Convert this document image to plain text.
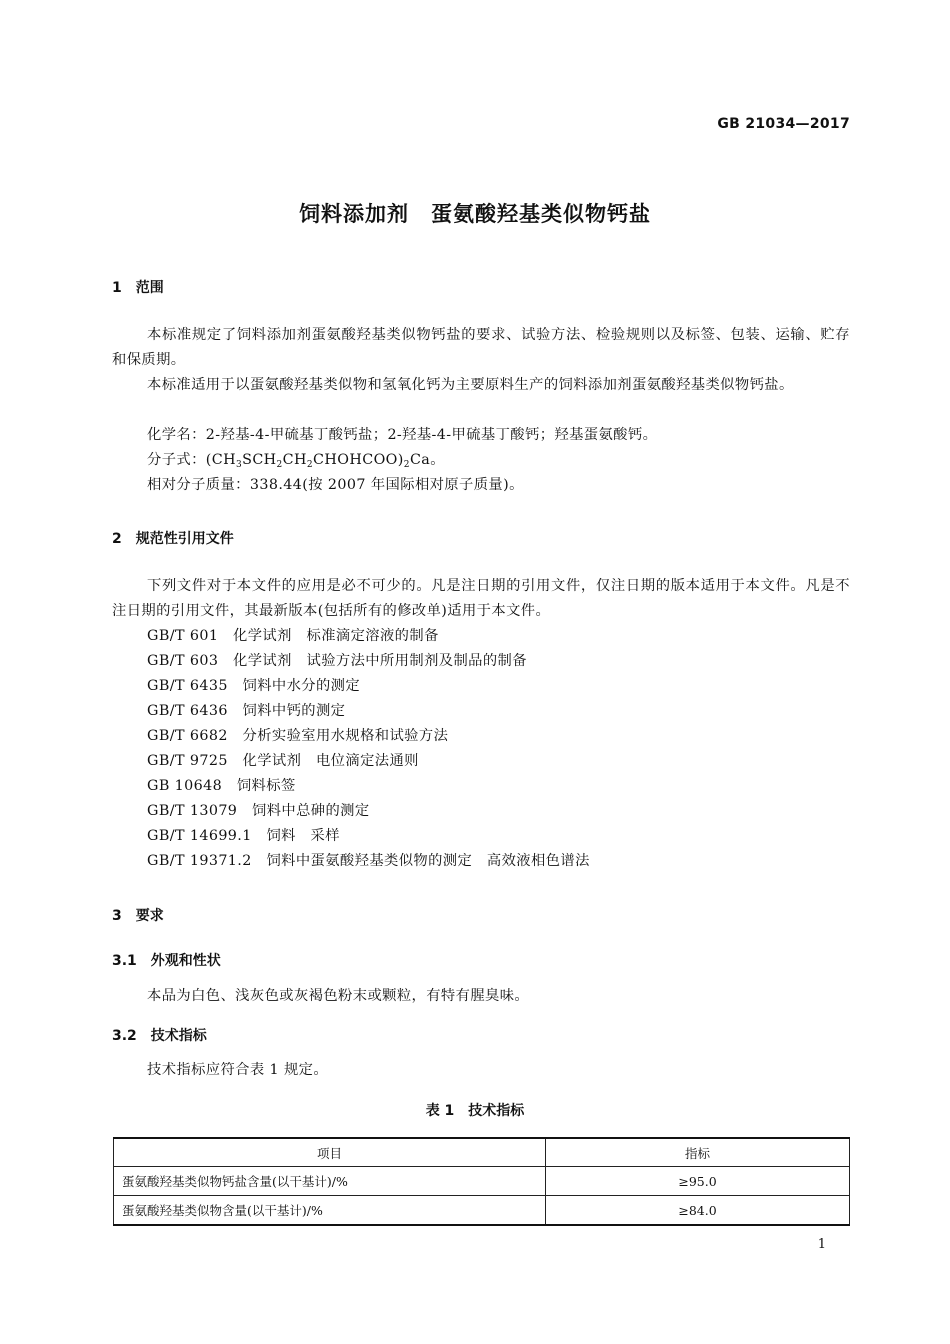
GB 21034—2017
饲料添加剂　蛋氨酸羟基类似物钙盐
1　范围
本标准规定了饲料添加剂蛋氨酸羟基类似物钙盐的要求、试验方法、检验规则以及标签、包装、运输、贮存和保质期。
本标准适用于以蛋氨酸羟基类似物和氢氧化钙为主要原料生产的饲料添加剂蛋氨酸羟基类似物钙盐。
化学名：2-羟基-4-甲硫基丁酸钙盐；2-羟基-4-甲硫基丁酸钙；羟基蛋氨酸钙。
分子式：$(CH_3SCH_2CH_2CHOHCOO)_2Ca$。
相对分子质量：338.44(按 2007 年国际相对原子质量)。
2　规范性引用文件
下列文件对于本文件的应用是必不可少的。凡是注日期的引用文件，仅注日期的版本适用于本文件。凡是不注日期的引用文件，其最新版本(包括所有的修改单)适用于本文件。
GB/T 601　化学试剂　标准滴定溶液的制备
GB/T 603　化学试剂　试验方法中所用制剂及制品的制备
GB/T 6435　饲料中水分的测定
GB/T 6436　饲料中钙的测定
GB/T 6682　分析实验室用水规格和试验方法
GB/T 9725　化学试剂　电位滴定法通则
GB 10648　饲料标签
GB/T 13079　饲料中总砷的测定
GB/T 14699.1　饲料　采样
GB/T 19371.2　饲料中蛋氨酸羟基类似物的测定　高效液相色谱法
3　要求
3.1　外观和性状
本品为白色、浅灰色或灰褐色粉末或颗粒，有特有腥臭味。
3.2　技术指标
技术指标应符合表 1 规定。
表 1　技术指标
项目	指标
蛋氨酸羟基类似物钙盐含量(以干基计)/%	≥95.0
蛋氨酸羟基类似物含量(以干基计)/%	≥84.0
1
